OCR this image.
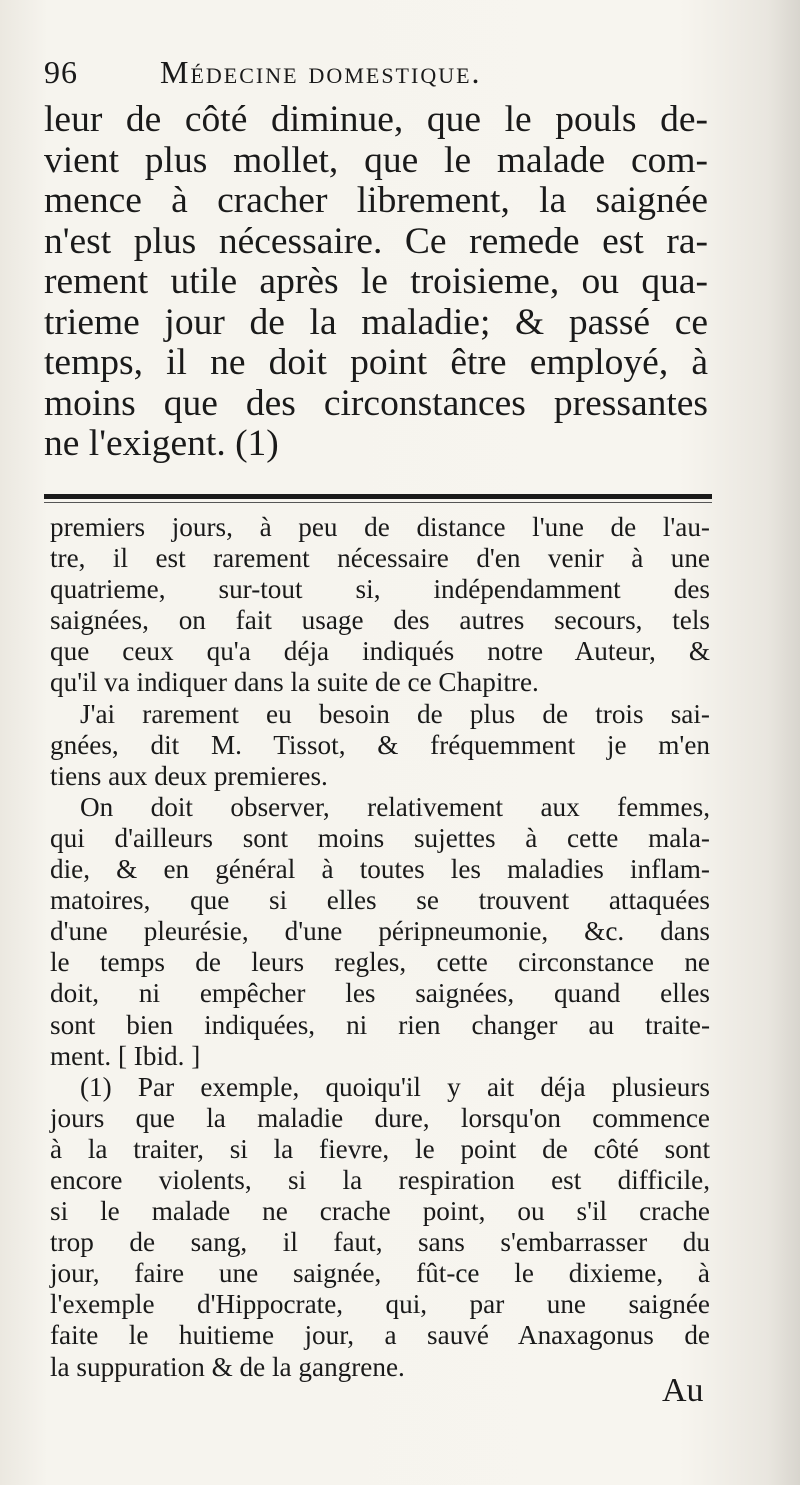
96	Médecine domestique.
leur de côté diminue, que le pouls de-
vient plus mollet, que le malade com-
mence à cracher librement, la saignée
n'est plus nécessaire. Ce remede est ra-
rement utile après le troisieme, ou qua-
trieme jour de la maladie; & passé ce
temps, il ne doit point être employé, à
moins que des circonstances pressantes
ne l'exigent. (1)
premiers jours, à peu de distance l'une de l'au-
tre, il est rarement nécessaire d'en venir à une
quatrieme, sur-tout si, indépendamment des
saignées, on fait usage des autres secours, tels
que ceux qu'a déja indiqués notre Auteur, &
qu'il va indiquer dans la suite de ce Chapitre.
J'ai rarement eu besoin de plus de trois sai-
gnées, dit M. Tissot, & fréquemment je m'en
tiens aux deux premieres.
On doit observer, relativement aux femmes,
qui d'ailleurs sont moins sujettes à cette mala-
die, & en général à toutes les maladies inflam-
matoires, que si elles se trouvent attaquées
d'une pleurésie, d'une péripneumonie, &c. dans
le temps de leurs regles, cette circonstance ne
doit, ni empêcher les saignées, quand elles
sont bien indiquées, ni rien changer au traite-
ment. [ Ibid. ]
(1) Par exemple, quoiqu'il y ait déja plusieurs
jours que la maladie dure, lorsqu'on commence
à la traiter, si la fievre, le point de côté sont
encore violents, si la respiration est difficile,
si le malade ne crache point, ou s'il crache
trop de sang, il faut, sans s'embarrasser du
jour, faire une saignée, fût-ce le dixieme, à
l'exemple d'Hippocrate, qui, par une saignée
faite le huitieme jour, a sauvé Anaxagonus de
la suppuration & de la gangrene.
Au
